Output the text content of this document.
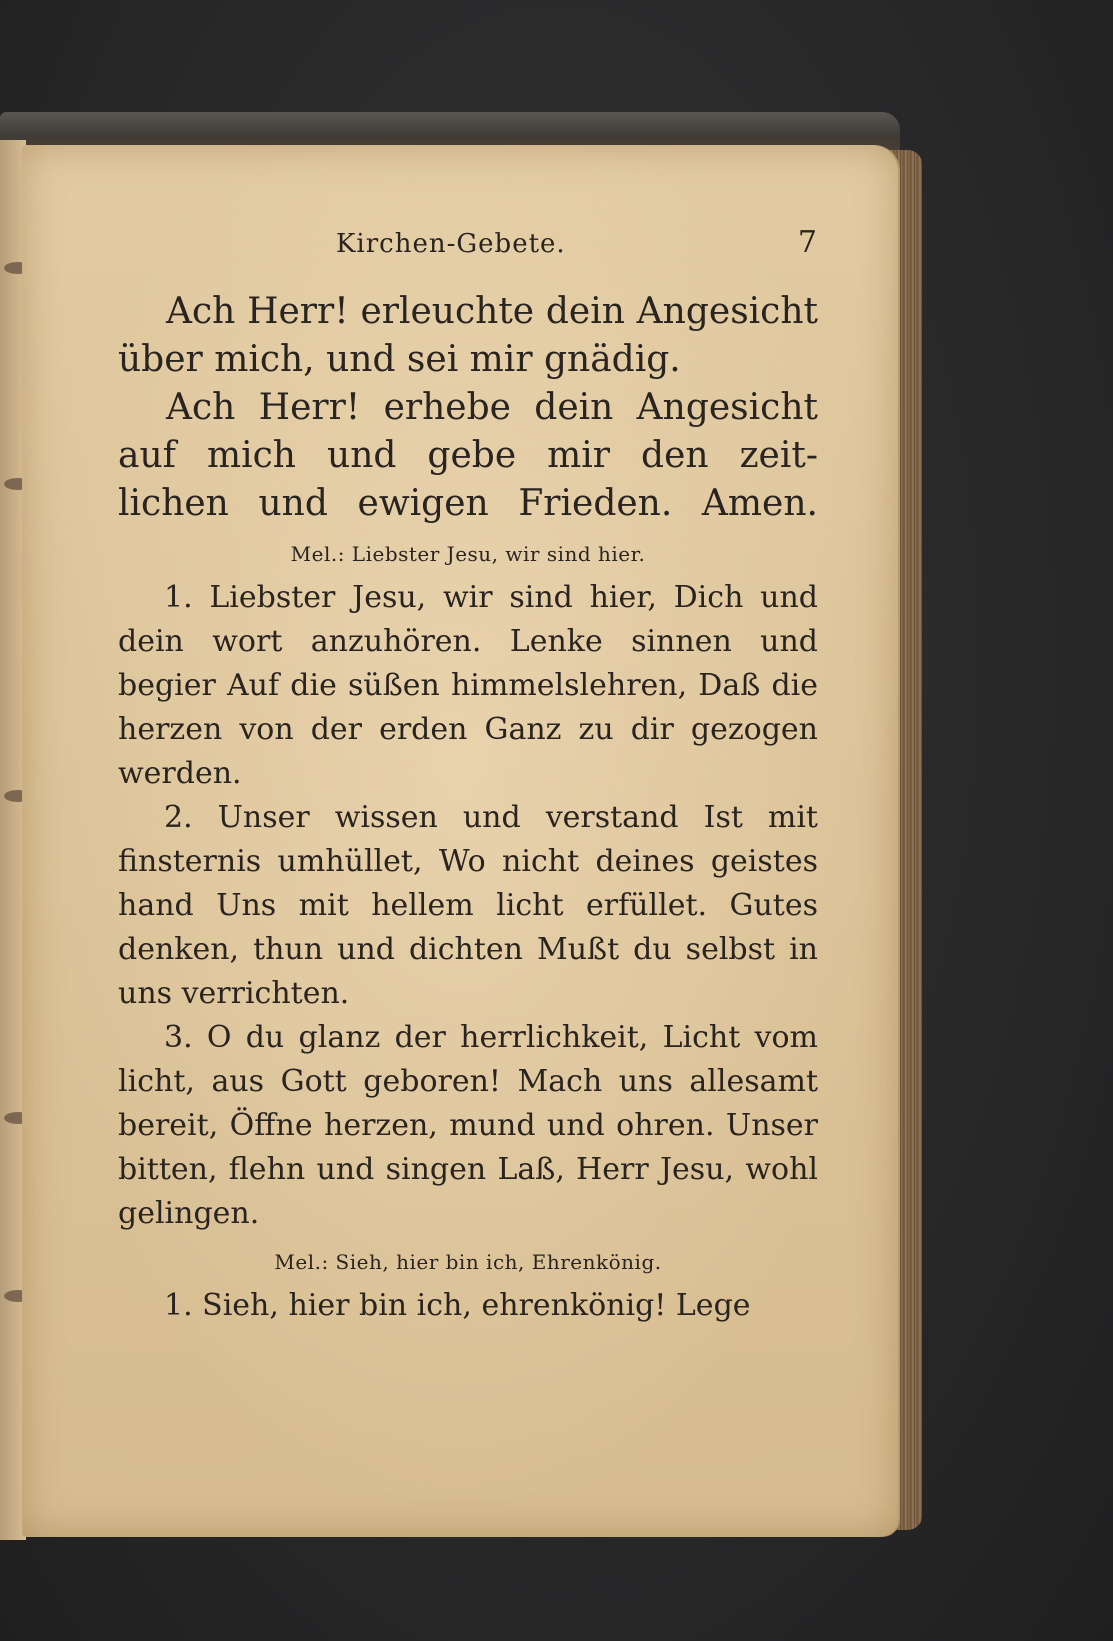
Kirchen-Gebete.	7

Ach Herr! erleuchte dein Angesicht

über mich, und sei mir gnädig.

Ach Herr! erhebe dein Angesicht

auf mich und gebe mir den zeit-

lichen und ewigen Frieden. Amen.

Mel.: Liebster Jesu, wir sind hier.

1. Liebster Jesu, wir sind hier, Dich und dein wort anzuhören. Lenke sinnen und begier Auf die süßen himmelslehren, Daß die herzen von der erden Ganz zu dir gezogen werden.

2. Unser wissen und verstand Ist mit finsternis umhüllet, Wo nicht deines geistes hand Uns mit hellem licht erfüllet. Gutes denken, thun und dichten Mußt du selbst in uns verrichten.

3. O du glanz der herrlichkeit, Licht vom licht, aus Gott geboren! Mach uns allesamt bereit, Öffne herzen, mund und ohren. Unser bitten, flehn und singen Laß, Herr Jesu, wohl gelingen.

Mel.: Sieh, hier bin ich, Ehrenkönig.

1. Sieh, hier bin ich, ehrenkönig! Lege
